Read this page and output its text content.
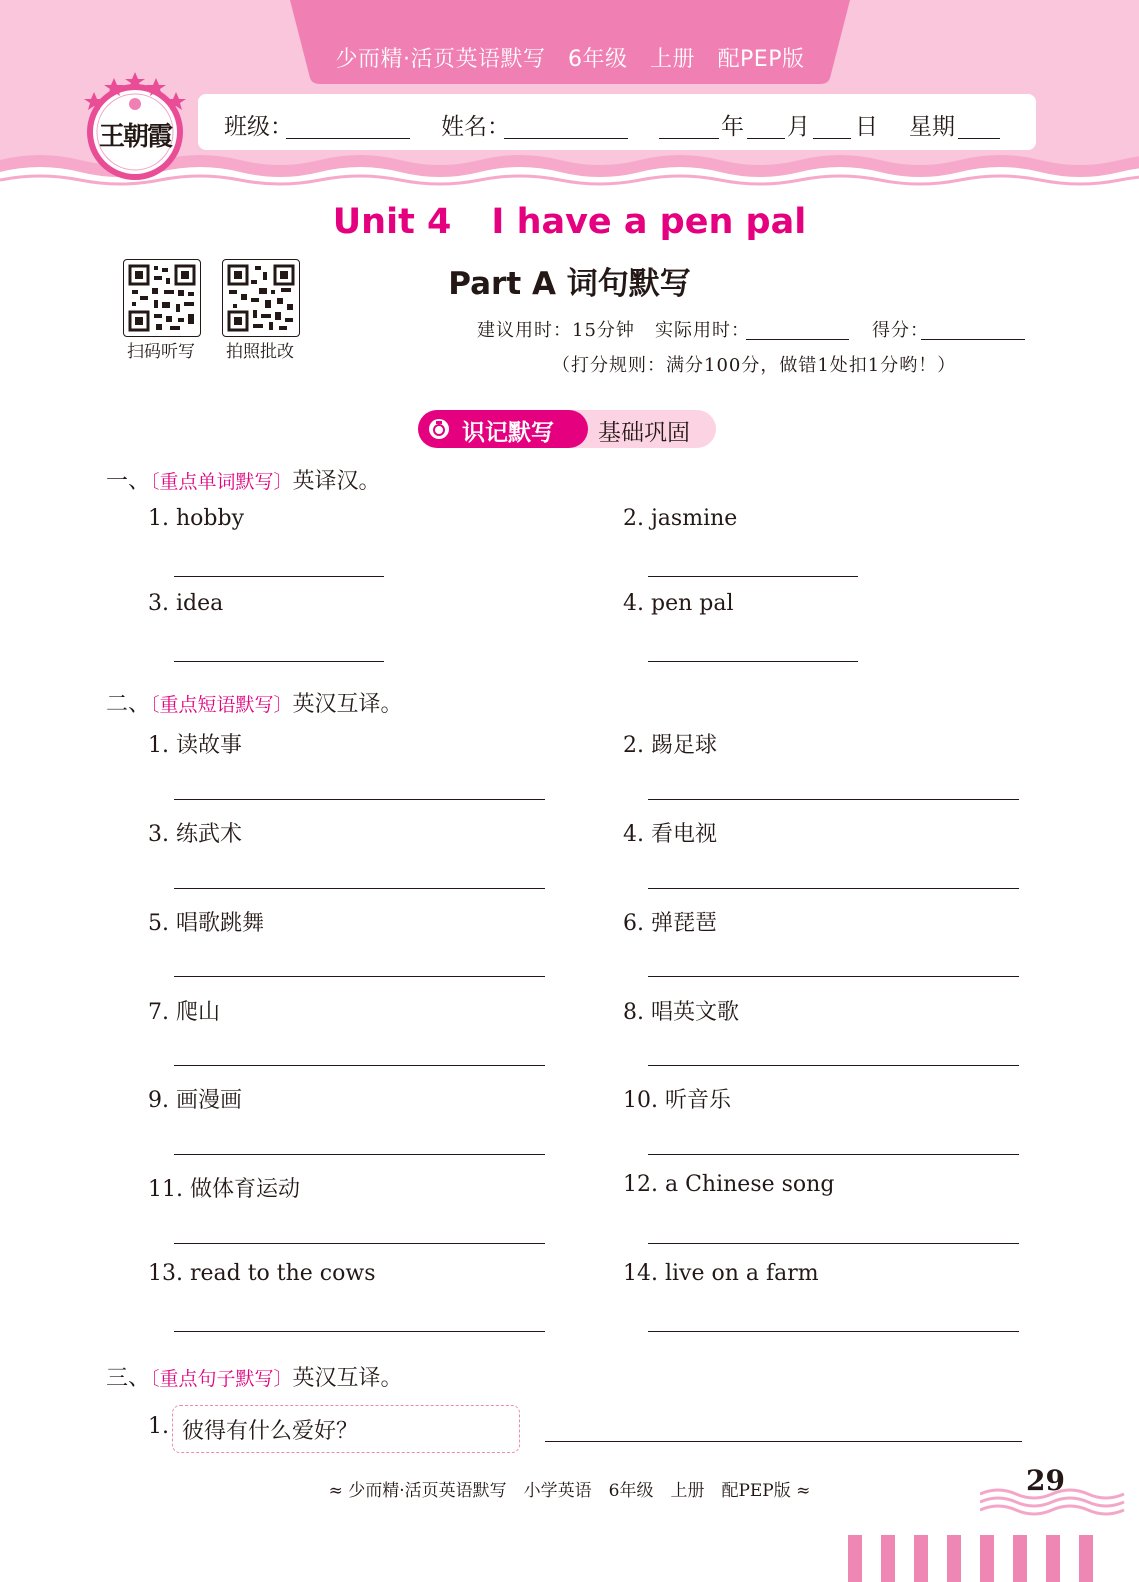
少而精·活页英语默写　6年级　上册　配PEP版
班级：	姓名：	年 月 日 星期
王朝霞
Unit 4 I have a pen pal
Part A 词句默写
扫码听写	拍照批改
建议用时：15分钟 实际用时：	得分：
（打分规则：满分100分，做错1处扣1分哟！）
识记默写 基础巩固
一、〔重点单词默写〕英译汉。
1. hobby	2. jasmine
3. idea	4. pen pal
二、〔重点短语默写〕英汉互译。
1. 读故事	2. 踢足球
3. 练武术	4. 看电视
5. 唱歌跳舞	6. 弹琵琶
7. 爬山	8. 唱英文歌
9. 画漫画	10. 听音乐
11. 做体育运动	12. a Chinese song
13. read to the cows	14. live on a farm
三、〔重点句子默写〕英汉互译。
1. 彼得有什么爱好？
≈ 少而精·活页英语默写　小学英语　6年级　上册　配PEP版 ≈	29
